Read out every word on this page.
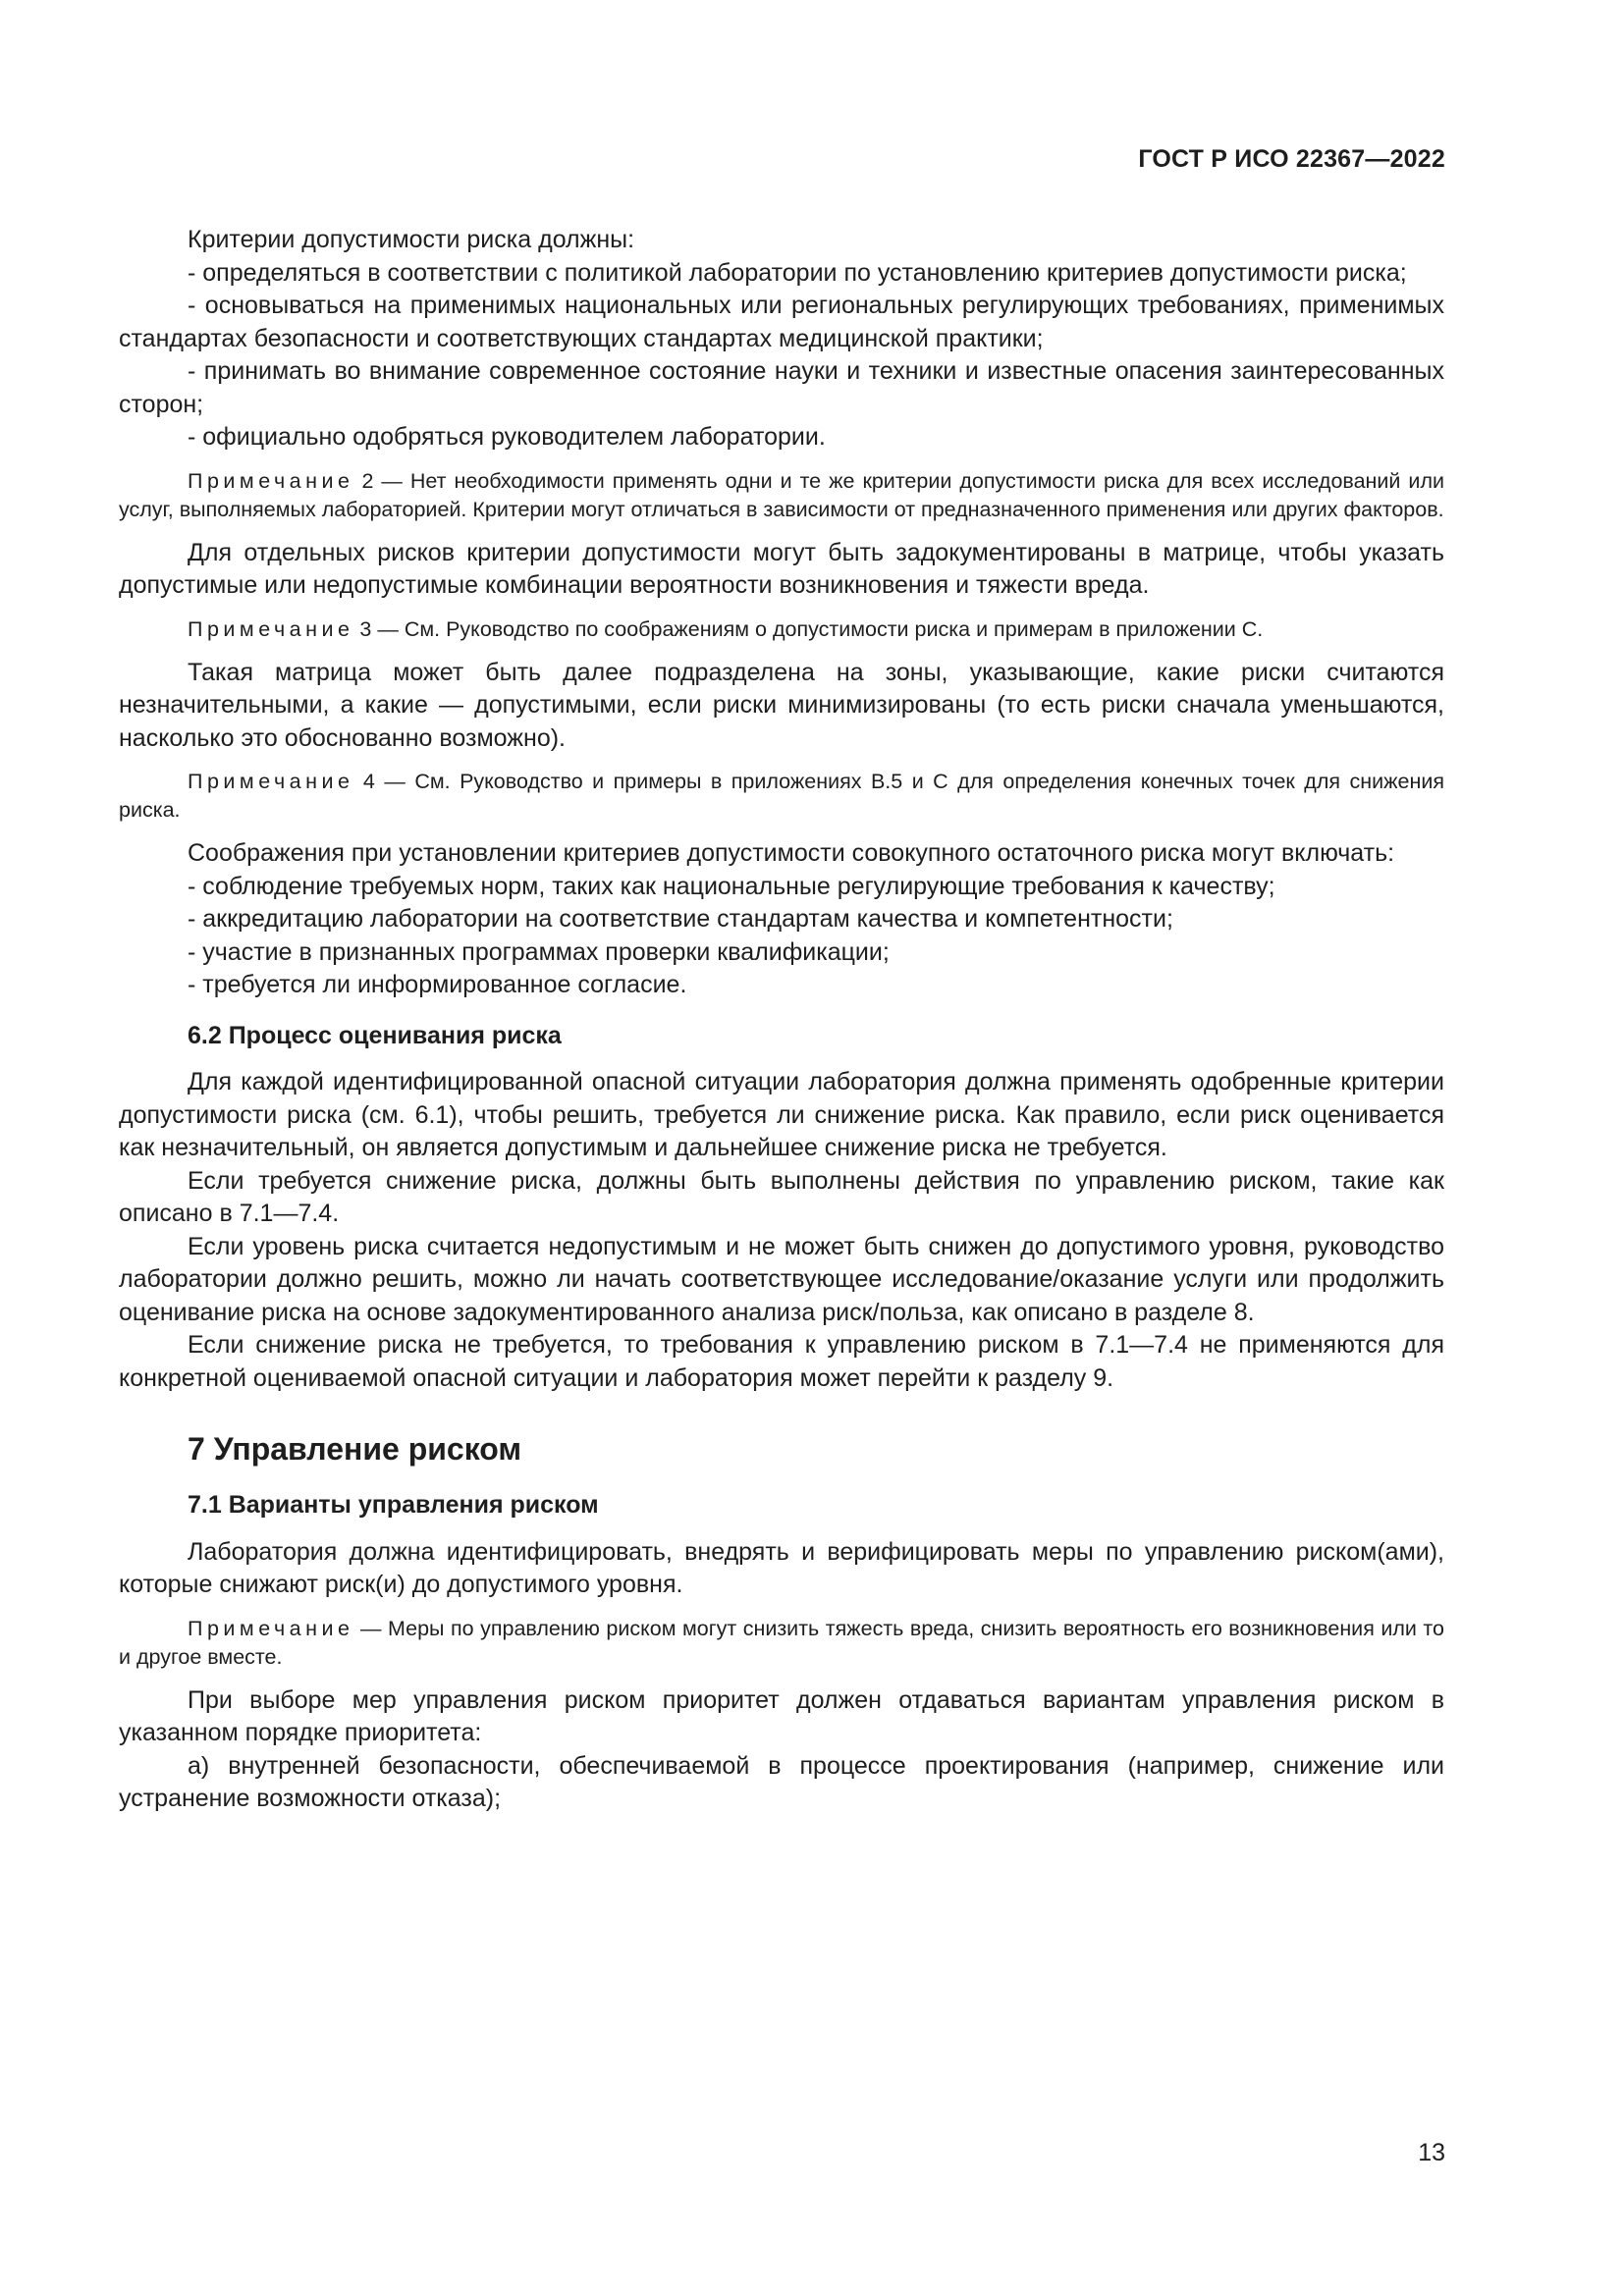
ГОСТ Р ИСО 22367—2022

Критерии допустимости риска должны:

- определяться в соответствии с политикой лаборатории по установлению критериев допустимости риска;

- основываться на применимых национальных или региональных регулирующих требованиях, применимых стандартах безопасности и соответствующих стандартах медицинской практики;

- принимать во внимание современное состояние науки и техники и известные опасения заинтересованных сторон;

- официально одобряться руководителем лаборатории.

Примечание 2 — Нет необходимости применять одни и те же критерии допустимости риска для всех исследований или услуг, выполняемых лабораторией. Критерии могут отличаться в зависимости от предназначенного применения или других факторов.

Для отдельных рисков критерии допустимости могут быть задокументированы в матрице, чтобы указать допустимые или недопустимые комбинации вероятности возникновения и тяжести вреда.

Примечание 3 — См. Руководство по соображениям о допустимости риска и примерам в приложении С.

Такая матрица может быть далее подразделена на зоны, указывающие, какие риски считаются незначительными, а какие — допустимыми, если риски минимизированы (то есть риски сначала уменьшаются, насколько это обоснованно возможно).

Примечание 4 — См. Руководство и примеры в приложениях В.5 и С для определения конечных точек для снижения риска.

Соображения при установлении критериев допустимости совокупного остаточного риска могут включать:

- соблюдение требуемых норм, таких как национальные регулирующие требования к качеству;

- аккредитацию лаборатории на соответствие стандартам качества и компетентности;

- участие в признанных программах проверки квалификации;

- требуется ли информированное согласие.

6.2 Процесс оценивания риска

Для каждой идентифицированной опасной ситуации лаборатория должна применять одобренные критерии допустимости риска (см. 6.1), чтобы решить, требуется ли снижение риска. Как правило, если риск оценивается как незначительный, он является допустимым и дальнейшее снижение риска не требуется.

Если требуется снижение риска, должны быть выполнены действия по управлению риском, такие как описано в 7.1—7.4.

Если уровень риска считается недопустимым и не может быть снижен до допустимого уровня, руководство лаборатории должно решить, можно ли начать соответствующее исследование/оказание услуги или продолжить оценивание риска на основе задокументированного анализа риск/польза, как описано в разделе 8.

Если снижение риска не требуется, то требования к управлению риском в 7.1—7.4 не применяются для конкретной оцениваемой опасной ситуации и лаборатория может перейти к разделу 9.

7 Управление риском
7.1 Варианты управления риском

Лаборатория должна идентифицировать, внедрять и верифицировать меры по управлению риском(ами), которые снижают риск(и) до допустимого уровня.

Примечание — Меры по управлению риском могут снизить тяжесть вреда, снизить вероятность его возникновения или то и другое вместе.

При выборе мер управления риском приоритет должен отдаваться вариантам управления риском в указанном порядке приоритета:

а) внутренней безопасности, обеспечиваемой в процессе проектирования (например, снижение или устранение возможности отказа);

13
